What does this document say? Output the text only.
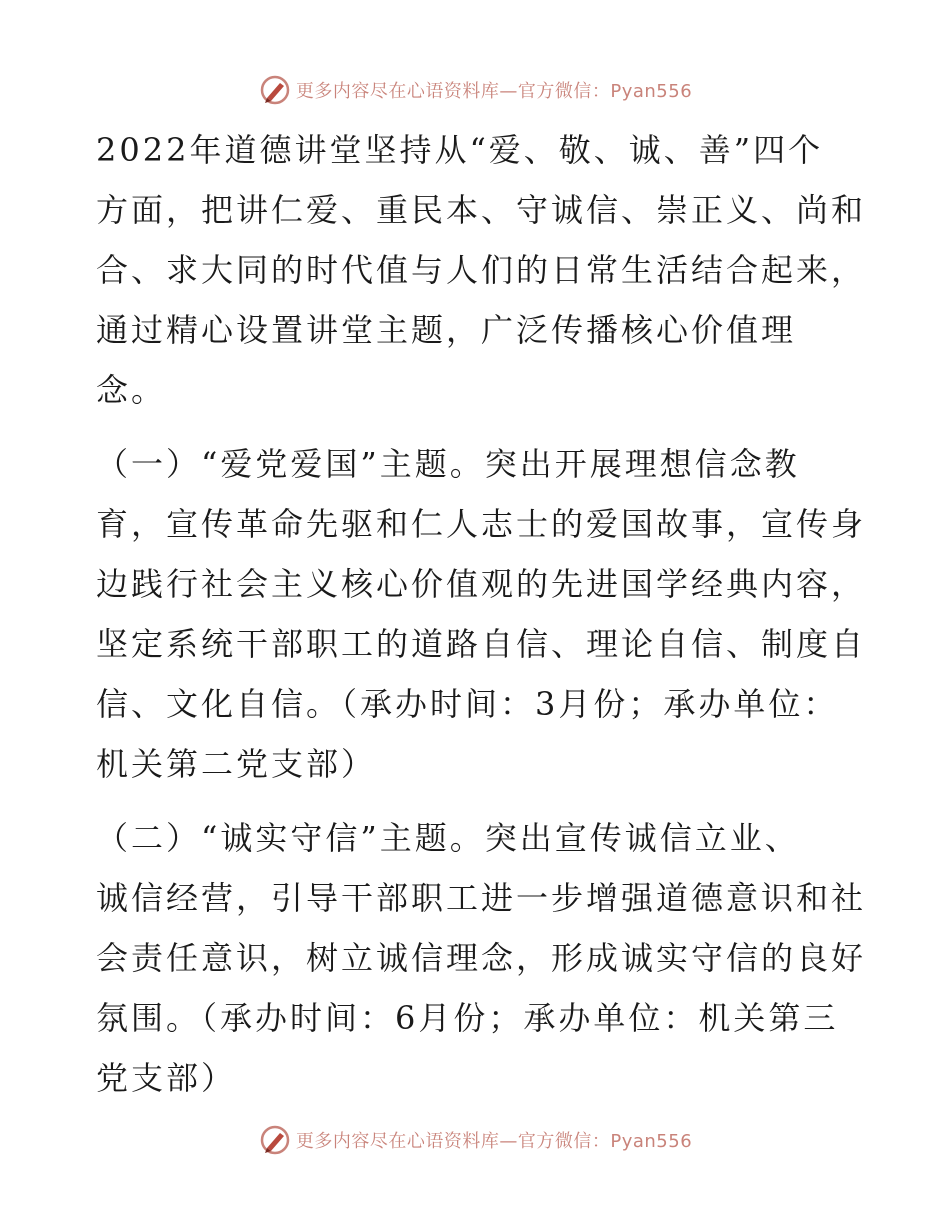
更多内容尽在心语资料库—官方微信：Pyan556

2022年道德讲堂坚持从“爱、敬、诚、善”四个
方面，把讲仁爱、重民本、守诚信、崇正义、尚和
合、求大同的时代值与人们的日常生活结合起来，
通过精心设置讲堂主题，广泛传播核心价值理
念。

（一）“爱党爱国”主题。突出开展理想信念教
育，宣传革命先驱和仁人志士的爱国故事，宣传身
边践行社会主义核心价值观的先进国学经典内容，
坚定系统干部职工的道路自信、理论自信、制度自
信、文化自信。（承办时间：3月份；承办单位：
机关第二党支部）

（二）“诚实守信”主题。突出宣传诚信立业、
诚信经营，引导干部职工进一步增强道德意识和社
会责任意识，树立诚信理念，形成诚实守信的良好
氛围。（承办时间：6月份；承办单位：机关第三
党支部）

更多内容尽在心语资料库—官方微信：Pyan556
